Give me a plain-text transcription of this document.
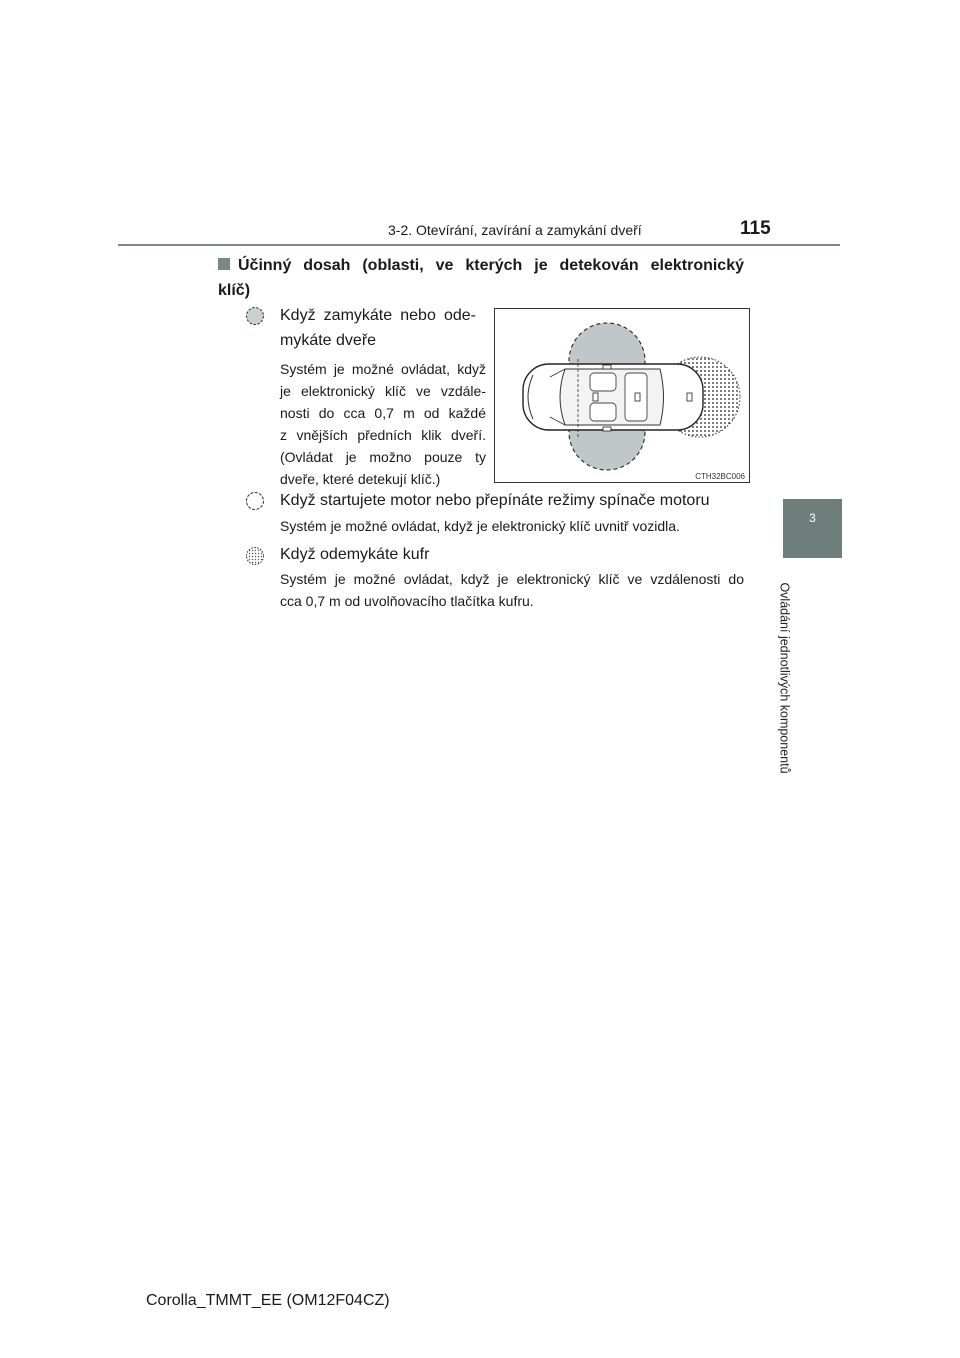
3-2. Otevírání, zavírání a zamykání dveří	115
3
Ovládání jednotlivých komponentů
Účinný dosah (oblasti, ve kterých je detekován elektronický
klíč)
Když zamykáte nebo ode-
mykáte dveře
Systém je možné ovládat, když
je elektronický klíč ve vzdále-
nosti do cca 0,7 m od každé
z vnějších předních klik dveří.
(Ovládat je možno pouze ty
dveře, které detekují klíč.)	CTH32BC006
Když startujete motor nebo přepínáte režimy spínače motoru
Systém je možné ovládat, když je elektronický klíč uvnitř vozidla.
Když odemykáte kufr
Systém je možné ovládat, když je elektronický klíč ve vzdálenosti do
cca 0,7 m od uvolňovacího tlačítka kufru.
Corolla_TMMT_EE (OM12F04CZ)
